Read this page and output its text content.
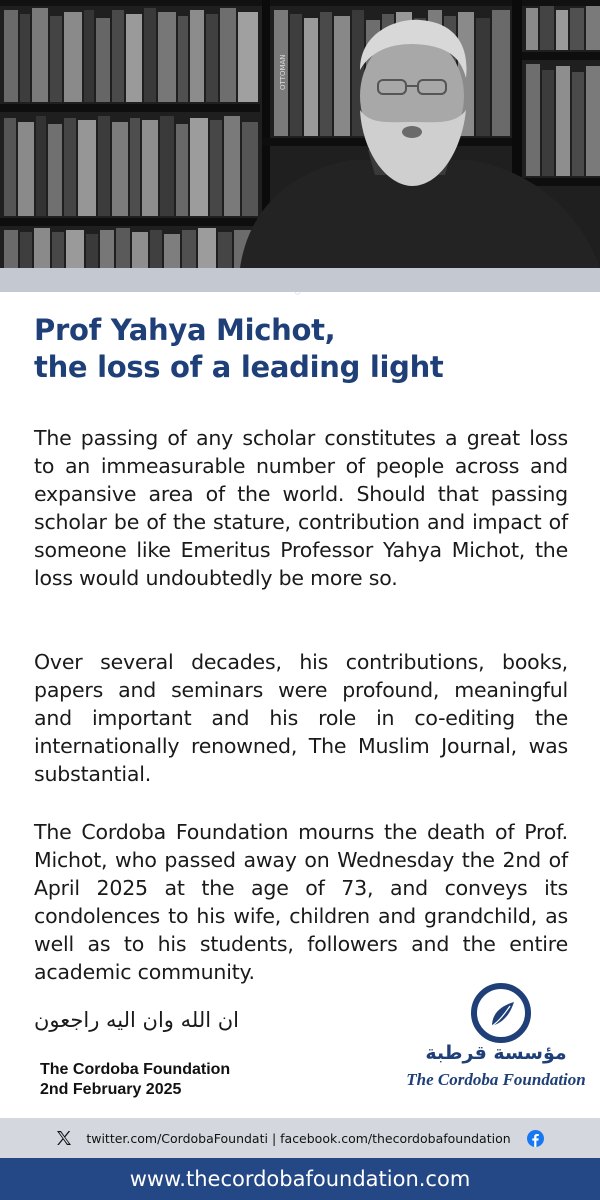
OTTOMAN
Prof Yahya Michot,
the loss of a leading light

The passing of any scholar constitutes a great loss to an immeasurable number of people across and expansive area of the world. Should that passing scholar be of the stature, contribution and impact of someone like Emeritus Professor Yahya Michot, the loss would undoubtedly be more so.

Over several decades, his contributions, books, papers and seminars were profound, meaningful and important and his role in co-editing the internationally renowned, The Muslim Journal, was substantial.

The Cordoba Foundation mourns the death of Prof. Michot, who passed away on Wednesday the 2nd of April 2025 at the age of 73, and conveys its condolences to his wife, children and grandchild, as well as to his students, followers and the entire academic community.

ان الله وان اليه راجعون
The Cordoba Foundation
2nd February 2025
مؤسسة قرطبة
The Cordoba Foundation
twitter.com/CordobaFoundati | facebook.com/thecordobafoundation
www.thecordobafoundation.com
